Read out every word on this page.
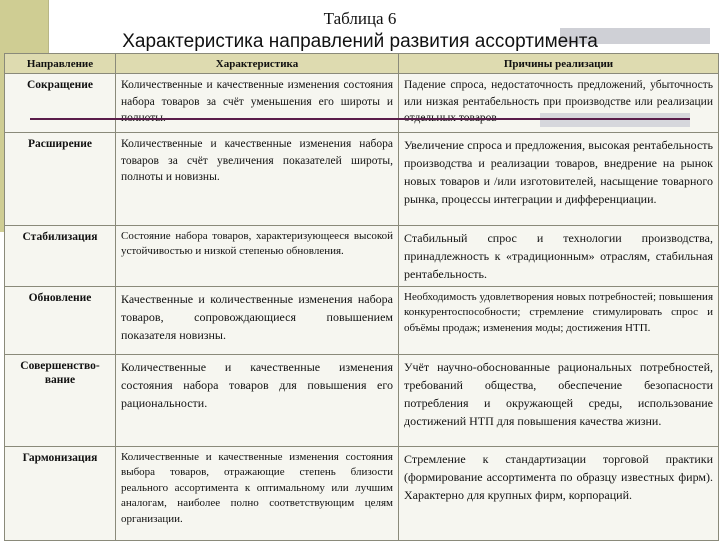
Таблица 6
Характеристика направлений развития ассортимента
Направление	Характеристика	Причины реализации
Сокращение	Количественные и качественные изменения состояния набора товаров за счёт уменьшения его широты и	Падение спроса, недостаточность предложений, убыточность или низкая рентабельность при производстве или реализации
Расширение	Количественные и качественные изменения набора товаров за счёт увеличения показателей широты, полноты и новизны.	Увеличение спроса и предложения, высокая рентабельность производства и реализации товаров, внедрение на рынок новых товаров и /или изготовителей, насыщение товарного рынка, процессы интеграции и дифференциации.
Стабилизация	Состояние набора товаров, характеризующееся высокой устойчивостью и низкой степенью обновления.	Стабильный спрос и технологии производства, принадлежность к «традиционным» отраслям, стабильная рентабельность.
Обновление	Качественные и количественные изменения набора товаров, сопровождающиеся повышением показателя новизны.	Необходимость удовлетворения новых потребностей; повышения конкурентоспособности; стремление стимулировать спрос и объёмы продаж; изменения моды; достижения НТП.
Совершенство-вание	Количественные и качественные изменения состояния набора товаров для повышения его рациональности.	Учёт научно-обоснованные рациональных потребностей, требований общества, обеспечение безопасности потребления и окружающей среды, использование достижений НТП для повышения качества жизни.
Гармонизация	Количественные и качественные изменения состояния выбора товаров, отражающие степень близости реального ассортимента к оптимальному или лучшим аналогам, наиболее полно соответствующим целям организации.	Стремление к стандартизации торговой практики (формирование ассортимента по образцу известных фирм). Характерно для крупных фирм, корпораций.
